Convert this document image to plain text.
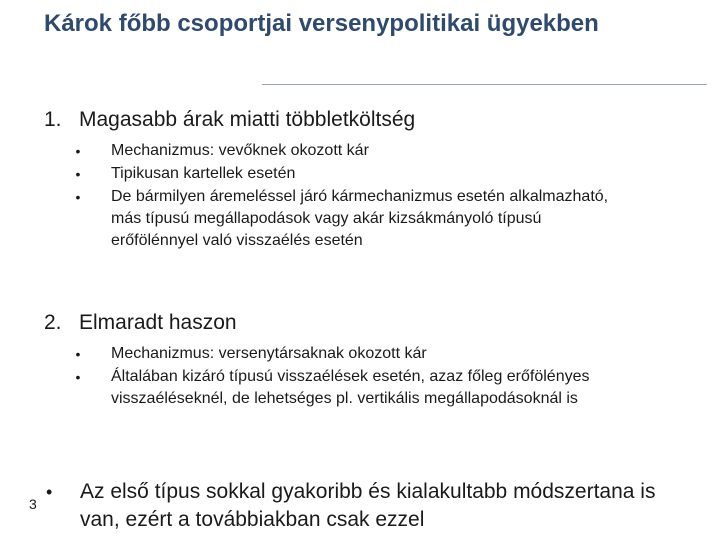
Károk főbb csoportjai versenypolitikai ügyekben
1. Magasabb árak miatti többletköltség
• Mechanizmus: vevőknek okozott kár
• Tipikusan kartellek esetén
• De bármilyen áremeléssel járó kármechanizmus esetén alkalmazható, más típusú megállapodások vagy akár kizsákmányoló típusú erőfölénnyel való visszaélés esetén
2. Elmaradt haszon
• Mechanizmus: versenytársaknak okozott kár
• Általában kizáró típusú visszaélések esetén, azaz főleg erőfölényes visszaéléseknél, de lehetséges pl. vertikális megállapodásoknál is
•	Az első típus sokkal gyakoribb és kialakultabb módszertana is van, ezért a továbbiakban csak ezzel
3
